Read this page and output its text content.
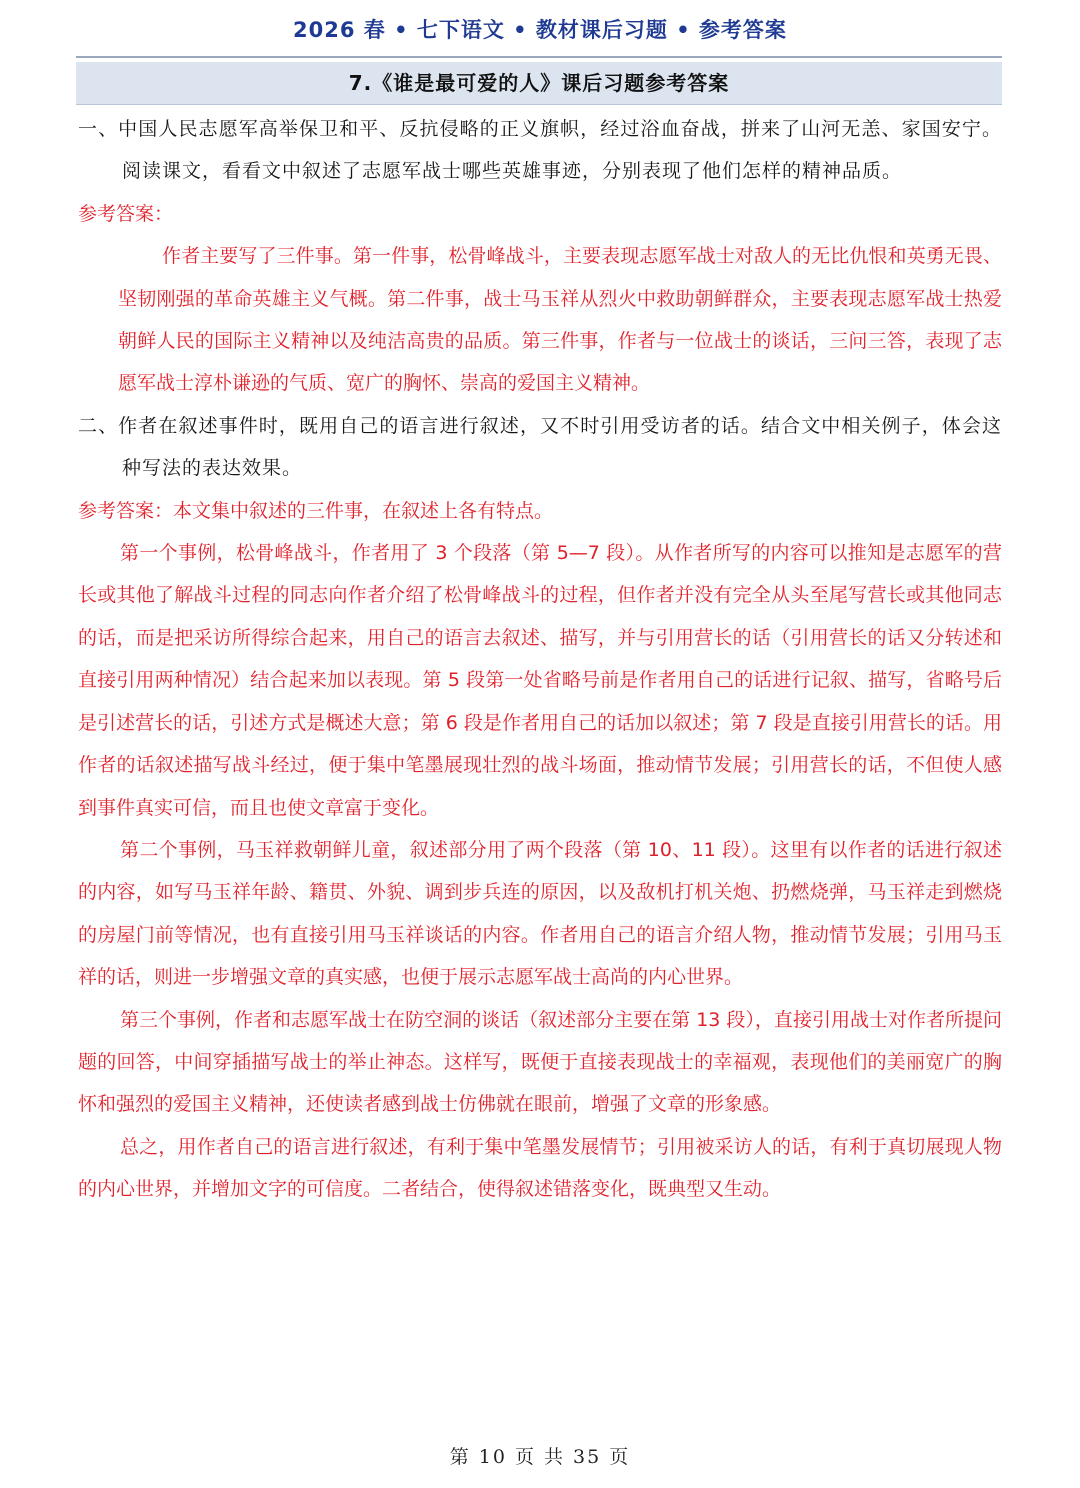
2026 春 • 七下语文 • 教材课后习题 • 参考答案
7.《谁是最可爱的人》课后习题参考答案

一、中国人民志愿军高举保卫和平、反抗侵略的正义旗帜，经过浴血奋战，拼来了山河无恙、家国安宁。阅读课文，看看文中叙述了志愿军战士哪些英雄事迹，分别表现了他们怎样的精神品质。

参考答案：

作者主要写了三件事。第一件事，松骨峰战斗，主要表现志愿军战士对敌人的无比仇恨和英勇无畏、坚韧刚强的革命英雄主义气概。第二件事，战士马玉祥从烈火中救助朝鲜群众，主要表现志愿军战士热爱朝鲜人民的国际主义精神以及纯洁高贵的品质。第三件事，作者与一位战士的谈话，三问三答，表现了志愿军战士淳朴谦逊的气质、宽广的胸怀、崇高的爱国主义精神。

二、作者在叙述事件时，既用自己的语言进行叙述，又不时引用受访者的话。结合文中相关例子，体会这种写法的表达效果。

参考答案：本文集中叙述的三件事，在叙述上各有特点。

第一个事例，松骨峰战斗，作者用了 3 个段落（第 5—7 段）。从作者所写的内容可以推知是志愿军的营长或其他了解战斗过程的同志向作者介绍了松骨峰战斗的过程，但作者并没有完全从头至尾写营长或其他同志的话，而是把采访所得综合起来，用自己的语言去叙述、描写，并与引用营长的话（引用营长的话又分转述和直接引用两种情况）结合起来加以表现。第 5 段第一处省略号前是作者用自己的话进行记叙、描写，省略号后是引述营长的话，引述方式是概述大意；第 6 段是作者用自己的话加以叙述；第 7 段是直接引用营长的话。用作者的话叙述描写战斗经过，便于集中笔墨展现壮烈的战斗场面，推动情节发展；引用营长的话，不但使人感到事件真实可信，而且也使文章富于变化。

第二个事例，马玉祥救朝鲜儿童，叙述部分用了两个段落（第 10、11 段）。这里有以作者的话进行叙述的内容，如写马玉祥年龄、籍贯、外貌、调到步兵连的原因，以及敌机打机关炮、扔燃烧弹，马玉祥走到燃烧的房屋门前等情况，也有直接引用马玉祥谈话的内容。作者用自己的语言介绍人物，推动情节发展；引用马玉祥的话，则进一步增强文章的真实感，也便于展示志愿军战士高尚的内心世界。

第三个事例，作者和志愿军战士在防空洞的谈话（叙述部分主要在第 13 段），直接引用战士对作者所提问题的回答，中间穿插描写战士的举止神态。这样写，既便于直接表现战士的幸福观，表现他们的美丽宽广的胸怀和强烈的爱国主义精神，还使读者感到战士仿佛就在眼前，增强了文章的形象感。

总之，用作者自己的语言进行叙述，有利于集中笔墨发展情节；引用被采访人的话，有利于真切展现人物的内心世界，并增加文字的可信度。二者结合，使得叙述错落变化，既典型又生动。

第 10 页 共 35 页
